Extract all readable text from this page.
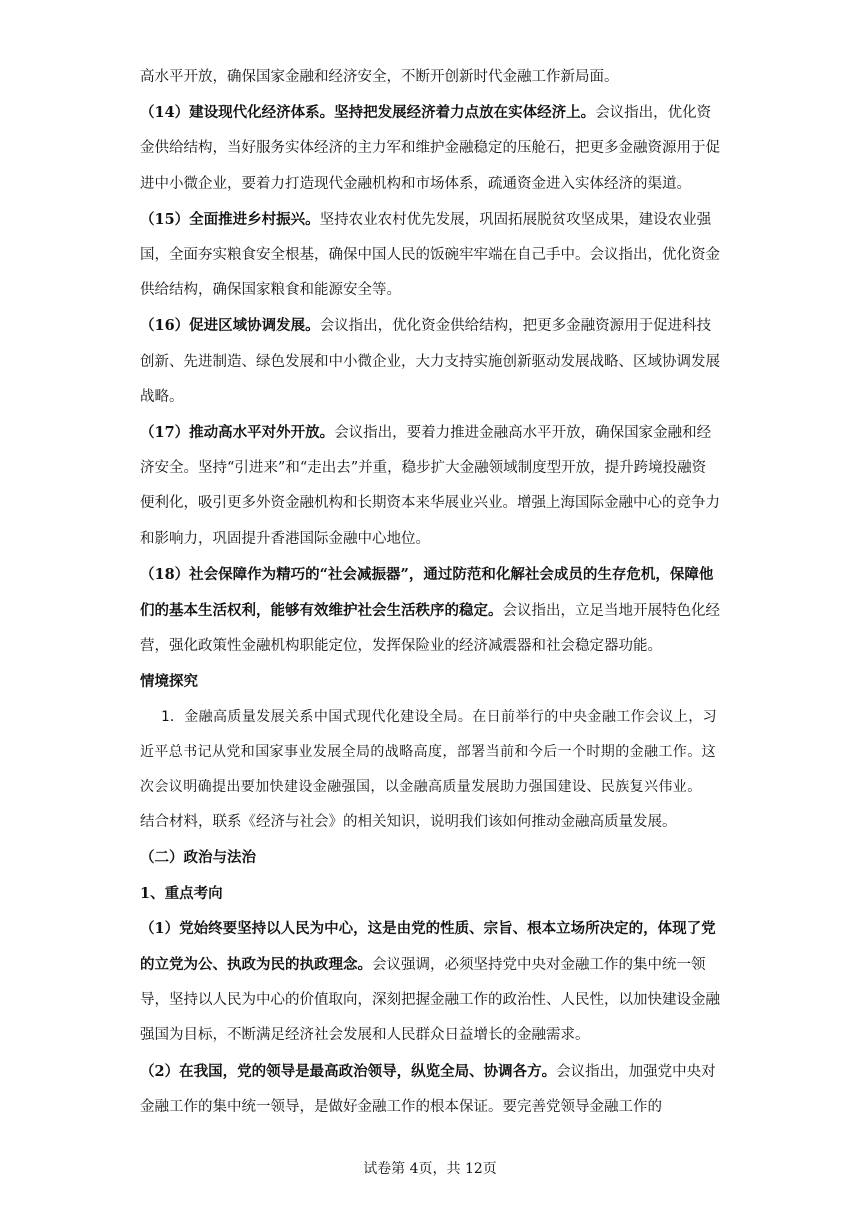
高水平开放，确保国家金融和经济安全，不断开创新时代金融工作新局面。

（14）建设现代化经济体系。坚持把发展经济着力点放在实体经济上。会议指出，优化资金供给结构，当好服务实体经济的主力军和维护金融稳定的压舱石，把更多金融资源用于促进中小微企业，要着力打造现代金融机构和市场体系，疏通资金进入实体经济的渠道。

（15）全面推进乡村振兴。坚持农业农村优先发展，巩固拓展脱贫攻坚成果，建设农业强国，全面夯实粮食安全根基，确保中国人民的饭碗牢牢端在自己手中。会议指出，优化资金供给结构，确保国家粮食和能源安全等。

（16）促进区域协调发展。会议指出，优化资金供给结构，把更多金融资源用于促进科技创新、先进制造、绿色发展和中小微企业，大力支持实施创新驱动发展战略、区域协调发展战略。

（17）推动高水平对外开放。会议指出，要着力推进金融高水平开放，确保国家金融和经济安全。坚持“引进来”和“走出去”并重，稳步扩大金融领域制度型开放，提升跨境投融资便利化，吸引更多外资金融机构和长期资本来华展业兴业。增强上海国际金融中心的竞争力和影响力，巩固提升香港国际金融中心地位。

（18）社会保障作为精巧的“社会减振器”，通过防范和化解社会成员的生存危机，保障他们的基本生活权利，能够有效维护社会生活秩序的稳定。会议指出，立足当地开展特色化经营，强化政策性金融机构职能定位，发挥保险业的经济减震器和社会稳定器功能。

情境探究

1．金融高质量发展关系中国式现代化建设全局。在日前举行的中央金融工作会议上，习近平总书记从党和国家事业发展全局的战略高度，部署当前和今后一个时期的金融工作。这次会议明确提出要加快建设金融强国，以金融高质量发展助力强国建设、民族复兴伟业。

结合材料，联系《经济与社会》的相关知识，说明我们该如何推动金融高质量发展。

（二）政治与法治

1、重点考向

（1）党始终要坚持以人民为中心，这是由党的性质、宗旨、根本立场所决定的，体现了党的立党为公、执政为民的执政理念。会议强调，必须坚持党中央对金融工作的集中统一领导，坚持以人民为中心的价值取向，深刻把握金融工作的政治性、人民性，以加快建设金融强国为目标，不断满足经济社会发展和人民群众日益增长的金融需求。

（2）在我国，党的领导是最高政治领导，纵览全局、协调各方。会议指出，加强党中央对金融工作的集中统一领导，是做好金融工作的根本保证。要完善党领导金融工作的

试卷第 4页，共 12页
